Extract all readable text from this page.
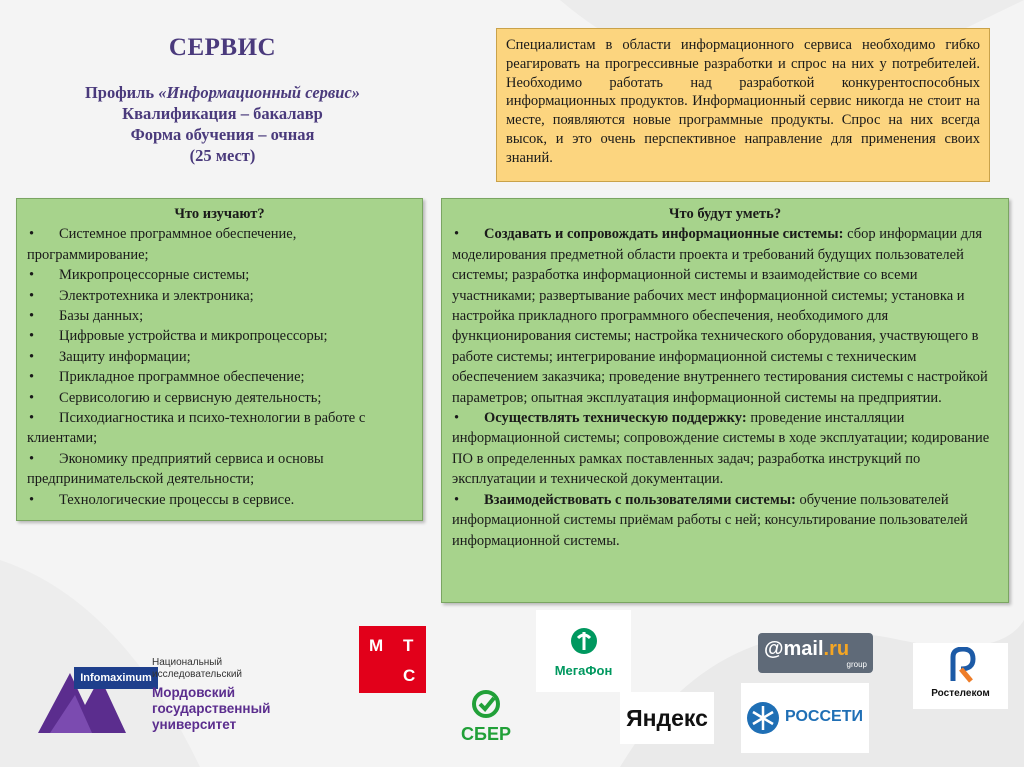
СЕРВИС
Профиль «Информационный сервис»
Квалификация – бакалавр
Форма обучения – очная
(25 мест)
Специалистам в области информационного сервиса необходимо гибко реагировать на прогрессивные разработки и спрос на них у потребителей. Необходимо работать над разработкой конкурентоспособных информационных продуктов. Информационный сервис никогда не стоит на месте, появляются новые программные продукты. Спрос на них всегда высок, и это очень перспективное направление для применения своих знаний.
Что изучают?
• Системное программное обеспечение, программирование;
• Микропроцессорные системы;
• Электротехника и электроника;
• Базы данных;
• Цифровые устройства и микропроцессоры;
• Защиту информации;
• Прикладное программное обеспечение;
• Сервисологию и сервисную деятельность;
• Психодиагностика и психо-технологии в работе с клиентами;
• Экономику предприятий сервиса и основы предпринимательской деятельности;
• Технологические процессы в сервисе.
Что будут уметь?
• Создавать и сопровождать информационные системы: сбор информации для моделирования предметной области проекта и требований будущих пользователей системы; разработка информационной системы и взаимодействие со всеми участниками; развертывание рабочих мест информационной системы; установка и настройка прикладного программного обеспечения, необходимого для функционирования системы; настройка технического оборудования, участвующего в работе системы; интегрирование информационной системы с техническим обеспечением заказчика; проведение внутреннего тестирования системы с настройкой параметров; опытная эксплуатация информационной системы на предприятии.
• Осуществлять техническую поддержку: проведение инсталляции информационной системы; сопровождение системы в ходе эксплуатации; кодирование ПО в определенных рамках поставленных задач; разработка инструкций по эксплуатации и технической документации.
• Взаимодействовать с пользователями системы: обучение пользователей информационной системы приёмам работы с ней; консультирование пользователей информационной системы.
Infomaximum
Национальный
исследовательский
Мордовский
государственный
университет
М Т
С	МегаФон
@mail.ru
group
Ростелеком
СБЕР
Яндекс	РОССЕТИ
